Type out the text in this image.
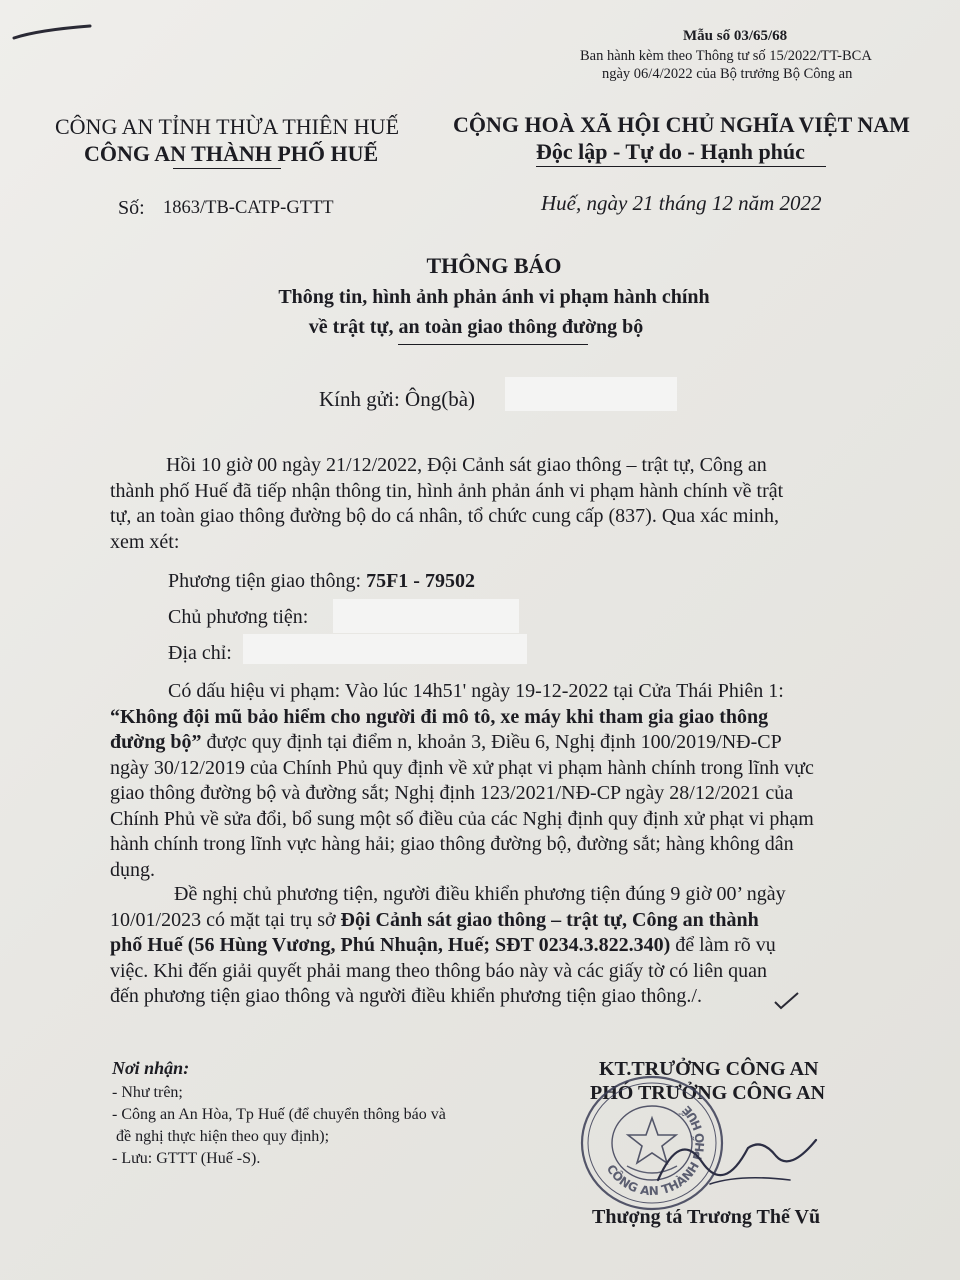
Mẫu số 03/65/68
Ban hành kèm theo Thông tư số 15/2022/TT-BCA
ngày 06/4/2022 của Bộ trưởng Bộ Công an
CÔNG AN TỈNH THỪA THIÊN HUẾ
CÔNG AN THÀNH PHỐ HUẾ
Số: 1863/TB-CATP-GTTT
CỘNG HOÀ XÃ HỘI CHỦ NGHĨA VIỆT NAM
Độc lập - Tự do - Hạnh phúc
Huế, ngày 21 tháng 12 năm 2022
THÔNG BÁO
Thông tin, hình ảnh phản ánh vi phạm hành chính
về trật tự, an toàn giao thông đường bộ
Kính gửi: Ông(bà)
Hồi 10 giờ 00 ngày 21/12/2022, Đội Cảnh sát giao thông – trật tự, Công an
thành phố Huế đã tiếp nhận thông tin, hình ảnh phản ánh vi phạm hành chính về trật
tự, an toàn giao thông đường bộ do cá nhân, tổ chức cung cấp (837). Qua xác minh,
xem xét:
Phương tiện giao thông: 75F1 - 79502
Chủ phương tiện:
Địa chỉ:
Có dấu hiệu vi phạm: Vào lúc 14h51' ngày 19-12-2022 tại Cửa Thái Phiên 1:
“Không đội mũ bảo hiểm cho người đi mô tô, xe máy khi tham gia giao thông
đường bộ” được quy định tại điểm n, khoản 3, Điều 6, Nghị định 100/2019/NĐ-CP
ngày 30/12/2019 của Chính Phủ quy định về xử phạt vi phạm hành chính trong lĩnh vực
giao thông đường bộ và đường sắt; Nghị định 123/2021/NĐ-CP ngày 28/12/2021 của
Chính Phủ về sửa đổi, bổ sung một số điều của các Nghị định quy định xử phạt vi phạm
hành chính trong lĩnh vực hàng hải; giao thông đường bộ, đường sắt; hàng không dân
dụng.
Đề nghị chủ phương tiện, người điều khiển phương tiện đúng 9 giờ 00’ ngày
10/01/2023 có mặt tại trụ sở Đội Cảnh sát giao thông – trật tự, Công an thành
phố Huế (56 Hùng Vương, Phú Nhuận, Huế; SĐT 0234.3.822.340) để làm rõ vụ
việc. Khi đến giải quyết phải mang theo thông báo này và các giấy tờ có liên quan
đến phương tiện giao thông và người điều khiển phương tiện giao thông./.
Nơi nhận:
- Như trên;
- Công an An Hòa, Tp Huế (để chuyển thông báo và
đề nghị thực hiện theo quy định);
- Lưu: GTTT (Huế -S).
KT.TRƯỞNG CÔNG AN
PHÓ TRƯỞNG CÔNG AN
CÔNG AN THÀNH PHỐ HUẾ
Thượng tá Trương Thế Vũ
